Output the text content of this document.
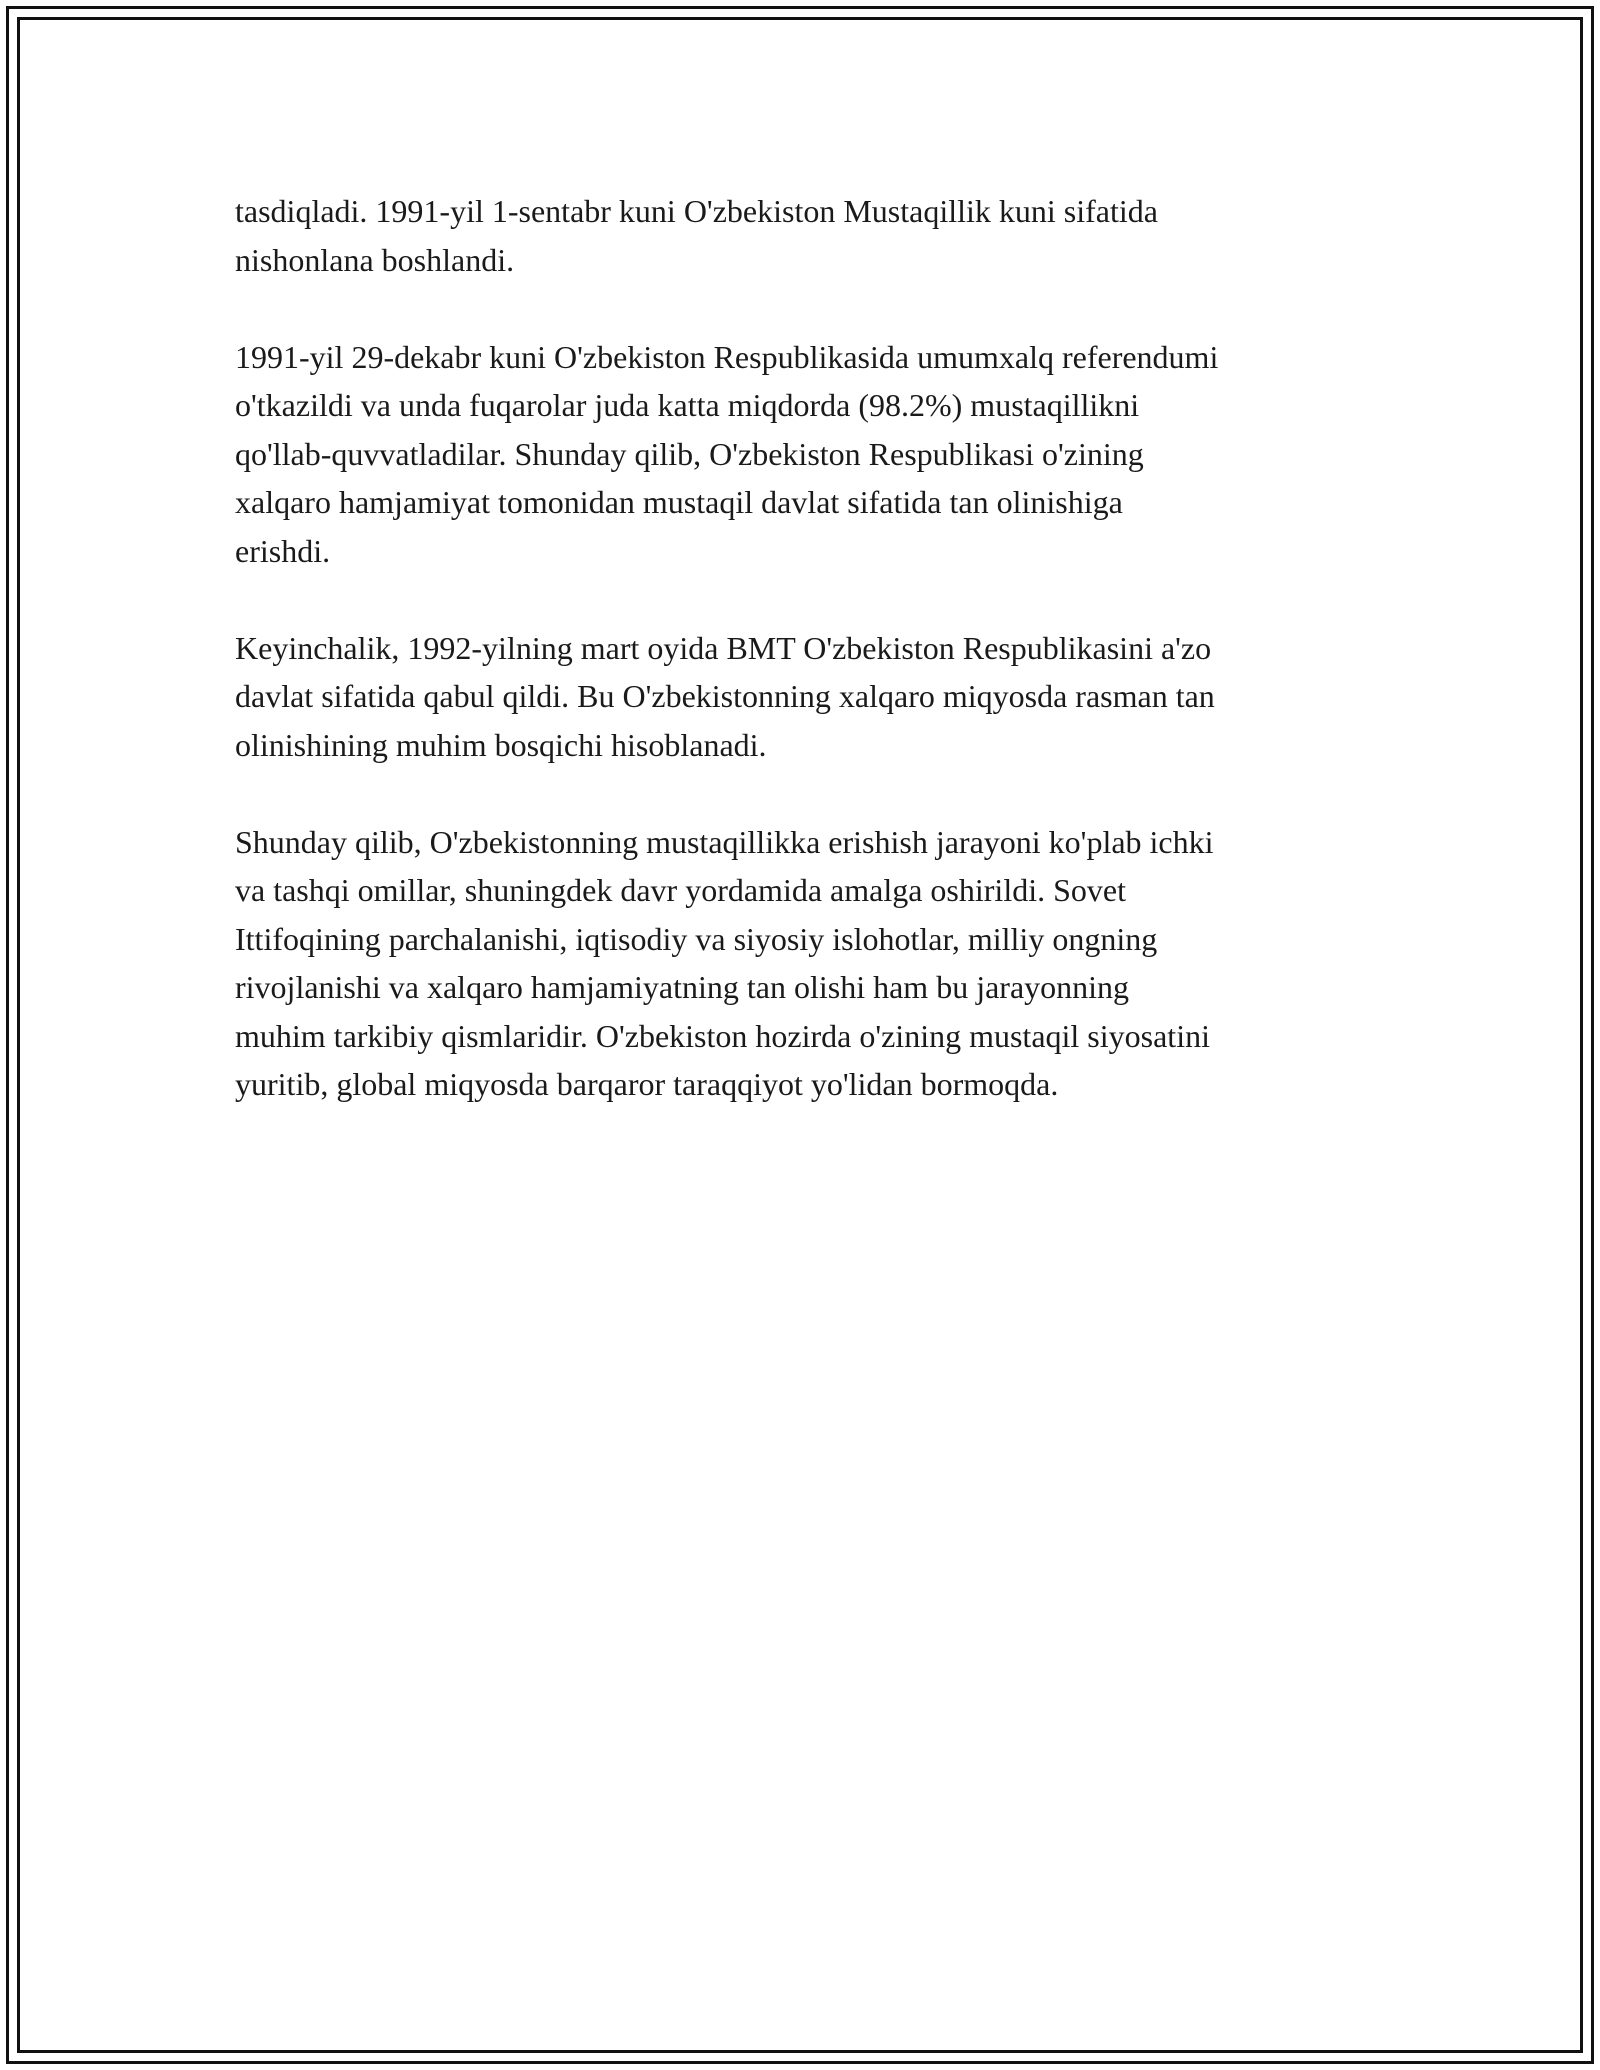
tasdiqladi. 1991-yil 1-sentabr kuni O'zbekiston Mustaqillik kuni sifatida
nishonlana boshlandi.

1991-yil 29-dekabr kuni O'zbekiston Respublikasida umumxalq referendumi
o'tkazildi va unda fuqarolar juda katta miqdorda (98.2%) mustaqillikni
qo'llab-quvvatladilar. Shunday qilib, O'zbekiston Respublikasi o'zining
xalqaro hamjamiyat tomonidan mustaqil davlat sifatida tan olinishiga
erishdi.

Keyinchalik, 1992-yilning mart oyida BMT O'zbekiston Respublikasini a'zo
davlat sifatida qabul qildi. Bu O'zbekistonning xalqaro miqyosda rasman tan
olinishining muhim bosqichi hisoblanadi.

Shunday qilib, O'zbekistonning mustaqillikka erishish jarayoni ko'plab ichki
va tashqi omillar, shuningdek davr yordamida amalga oshirildi. Sovet
Ittifoqining parchalanishi, iqtisodiy va siyosiy islohotlar, milliy ongning
rivojlanishi va xalqaro hamjamiyatning tan olishi ham bu jarayonning
muhim tarkibiy qismlaridir. O'zbekiston hozirda o'zining mustaqil siyosatini
yuritib, global miqyosda barqaror taraqqiyot yo'lidan bormoqda.
